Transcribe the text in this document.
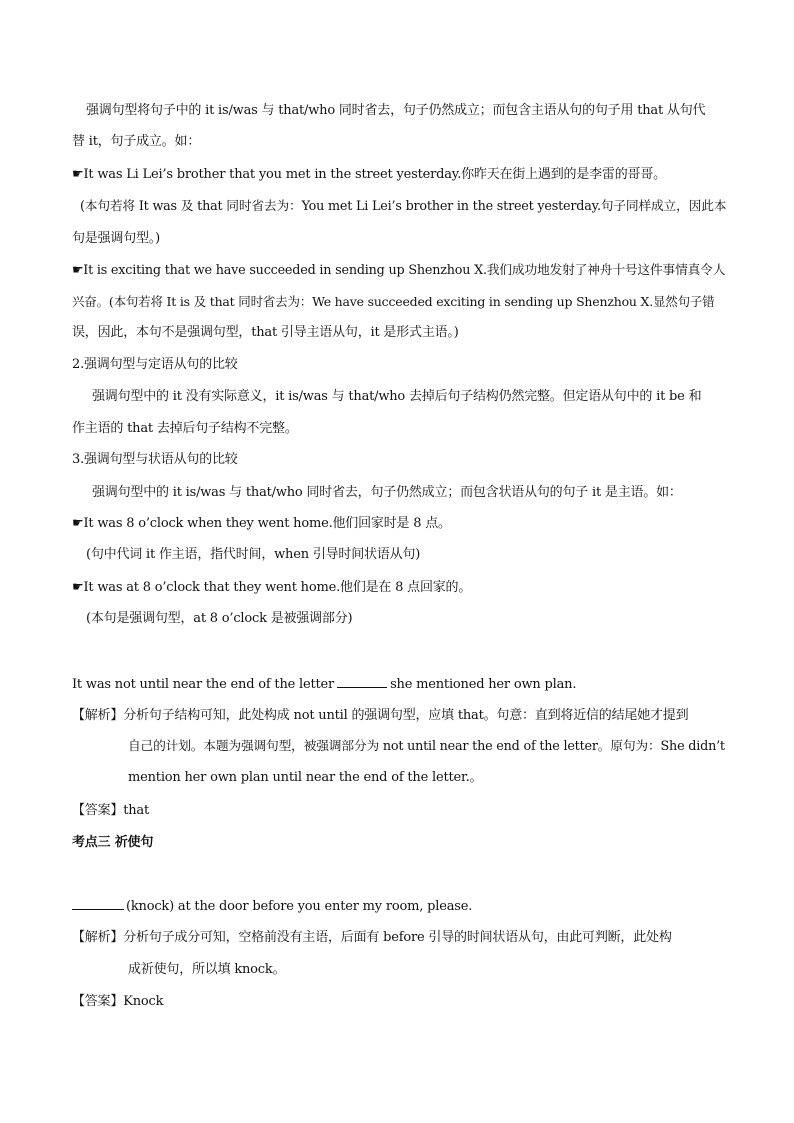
强调句型将句子中的 it is/was 与 that/who 同时省去，句子仍然成立；而包含主语从句的句子用 that 从句代
替 it，句子成立。如：
☛It was Li Lei’s brother that you met in the street yesterday.你昨天在街上遇到的是李雷的哥哥。
(本句若将 It was 及 that 同时省去为：You met Li Lei’s brother in the street yesterday.句子同样成立，因此本
句是强调句型。)
☛It is exciting that we have succeeded in sending up Shenzhou X.我们成功地发射了神舟十号这件事情真令人
兴奋。(本句若将 It is 及 that 同时省去为：We have succeeded exciting in sending up Shenzhou X.显然句子错
误，因此，本句不是强调句型，that 引导主语从句，it 是形式主语。)
2.强调句型与定语从句的比较
强调句型中的 it 没有实际意义，it is/was 与 that/who 去掉后句子结构仍然完整。但定语从句中的 it be 和
作主语的 that 去掉后句子结构不完整。
3.强调句型与状语从句的比较
强调句型中的 it is/was 与 that/who 同时省去，句子仍然成立；而包含状语从句的句子 it 是主语。如：
☛It was 8 o’clock when they went home.他们回家时是 8 点。
(句中代词 it 作主语，指代时间，when 引导时间状语从句)
☛It was at 8 o’clock that they went home.他们是在 8 点回家的。
(本句是强调句型，at 8 o’clock 是被强调部分)
It was not until near the end of the letter	she mentioned her own plan.
【解析】分析句子结构可知，此处构成 not until 的强调句型，应填 that。句意：直到将近信的结尾她才提到
自己的计划。本题为强调句型，被强调部分为 not until near the end of the letter。原句为：She didn’t
mention her own plan until near the end of the letter.。
【答案】that
考点三 祈使句
(knock) at the door before you enter my room, please.
【解析】分析句子成分可知，空格前没有主语，后面有 before 引导的时间状语从句，由此可判断，此处构
成祈使句，所以填 knock。
【答案】Knock
